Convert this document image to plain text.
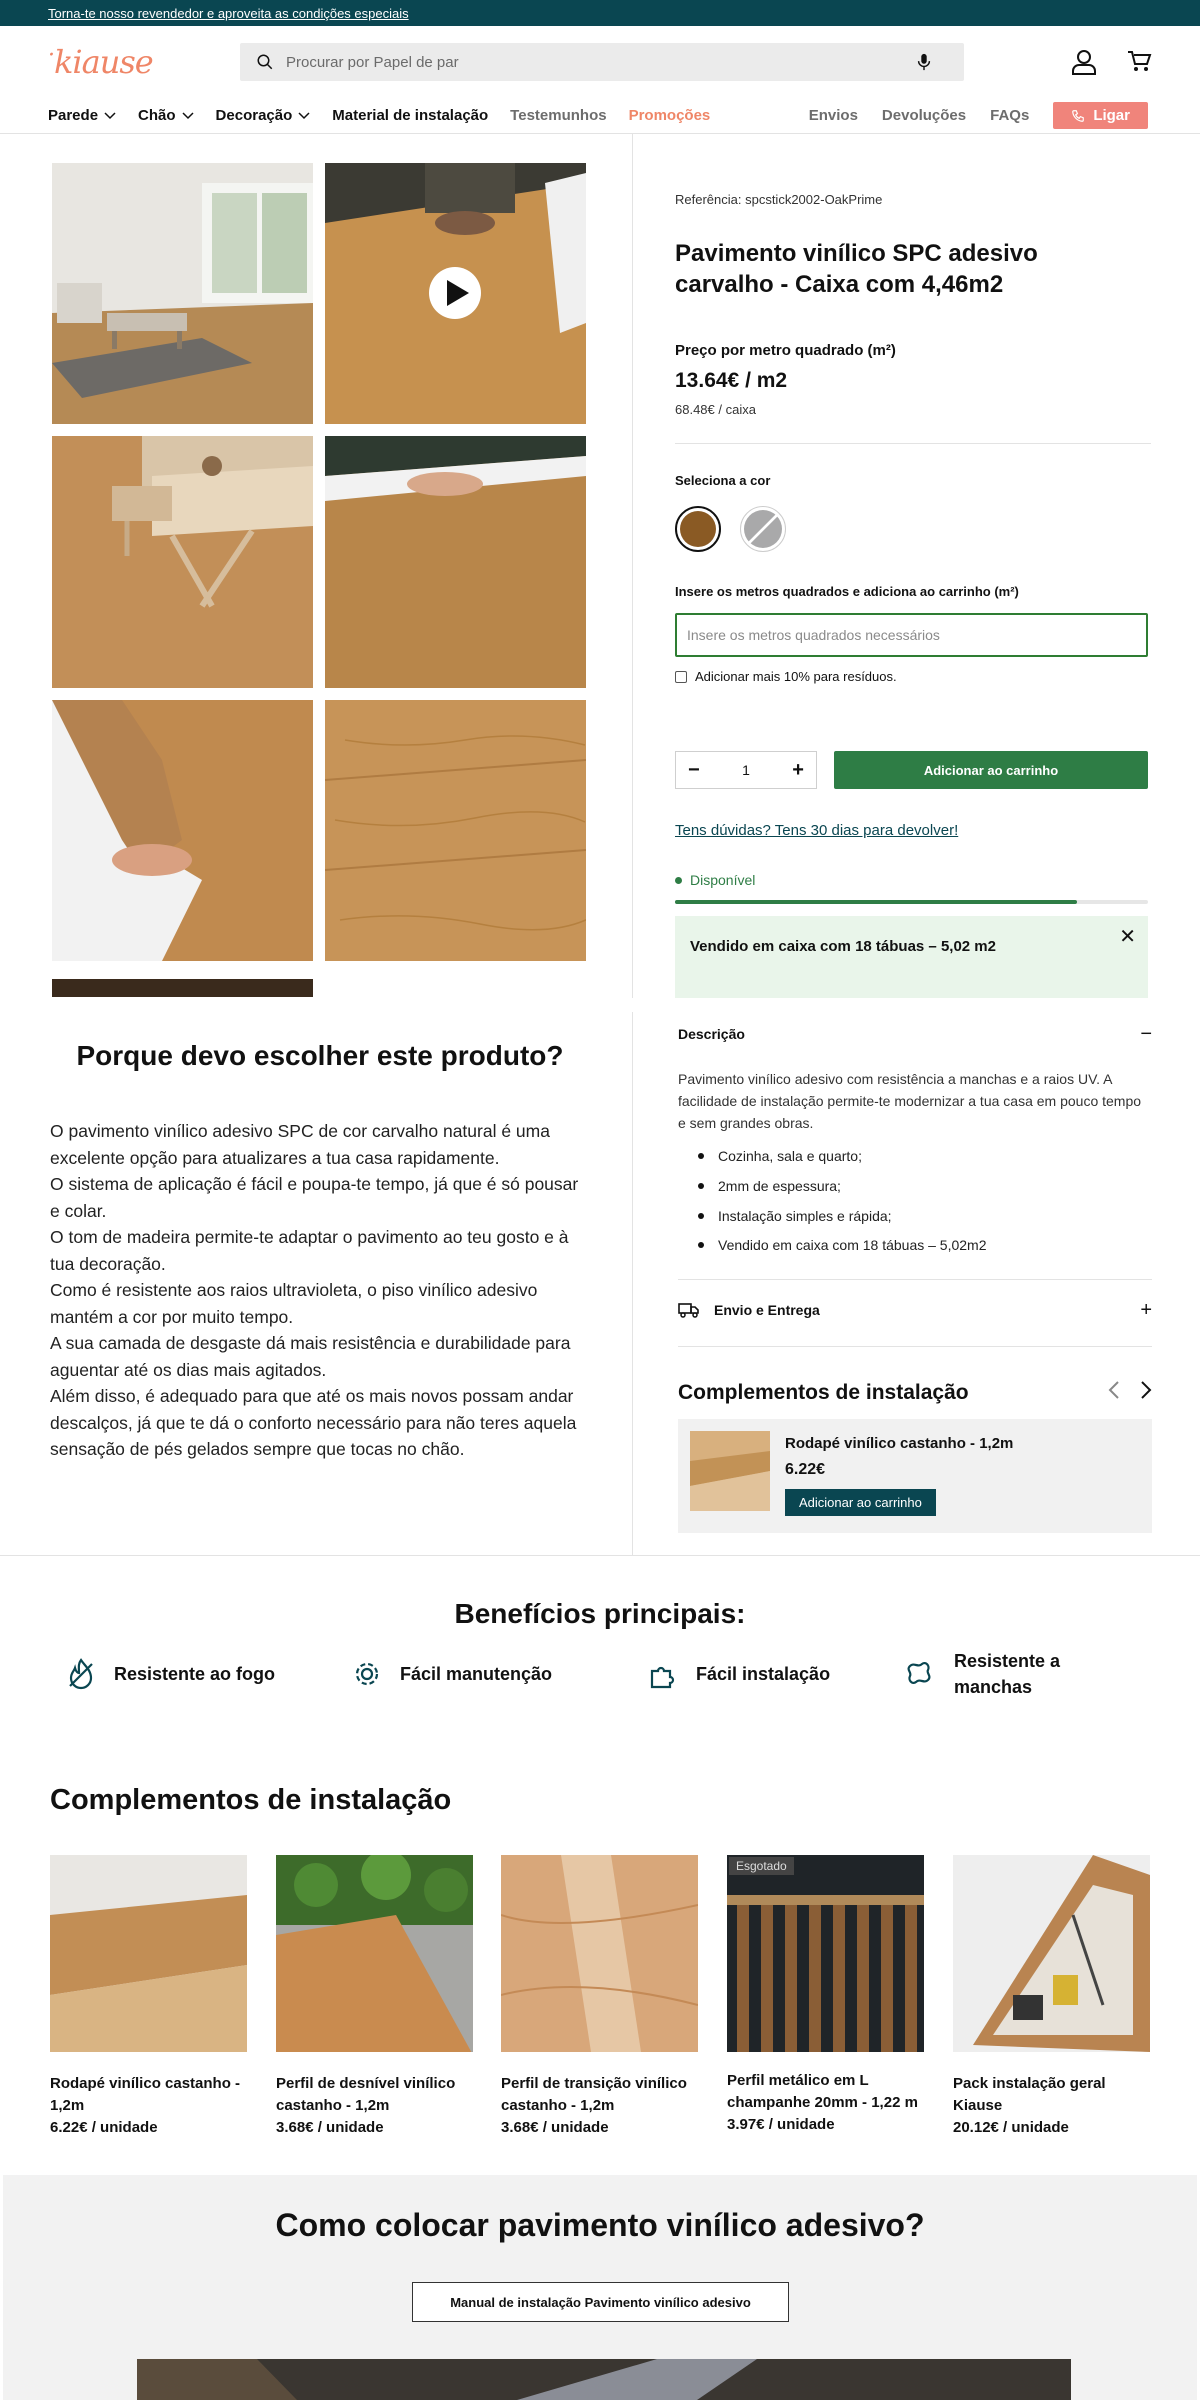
Torna-te nosso revendedor e aproveita as condições especiais
·kiause	Procurar por Papel de par
Parede	Chão	Decoração	Material de instalação Testemunhos Promoções	Envios Devoluções FAQs	Ligar
Referência: spcstick2002-OakPrime
Pavimento vinílico SPC adesivo carvalho - Caixa com 4,46m2
Preço por metro quadrado (m²)
13.64€ / m2
68.48€ / caixa
Seleciona a cor
Insere os metros quadrados e adiciona ao carrinho (m²)
Insere os metros quadrados necessários
Adicionar mais 10% para resíduos.
−	1 +	Adicionar ao carrinho
Tens dúvidas? Tens 30 dias para devolver!
Disponível
Vendido em caixa com 18 tábuas – 5,02 m2	✕
Porque devo escolher este produto?

O pavimento vinílico adesivo SPC de cor carvalho natural é uma excelente opção para atualizares a tua casa rapidamente.

O sistema de aplicação é fácil e poupa-te tempo, já que é só pousar e colar.

O tom de madeira permite-te adaptar o pavimento ao teu gosto e à tua decoração.

Como é resistente aos raios ultravioleta, o piso vinílico adesivo mantém a cor por muito tempo.

A sua camada de desgaste dá mais resistência e durabilidade para aguentar até os dias mais agitados.

Além disso, é adequado para que até os mais novos possam andar descalços, já que te dá o conforto necessário para não teres aquela sensação de pés gelados sempre que tocas no chão.

Descrição	−
Pavimento vinílico adesivo com resistência a manchas e a raios UV. A facilidade de instalação permite-te modernizar a tua casa em pouco tempo e sem grandes obras.
Cozinha, sala e quarto;
2mm de espessura;
Instalação simples e rápida;
Vendido em caixa com 18 tábuas – 5,02m2
Envio e Entrega	+
Complementos de instalação
Rodapé vinílico castanho - 1,2m
6.22€
Adicionar ao carrinho
Benefícios principais:
Resistente ao fogo	Fácil manutenção	Fácil instalação
Resistente a manchas
Complementos de instalação
Rodapé vinílico castanho - 1,2m
6.22€ / unidade
Perfil de desnível vinílico castanho - 1,2m
3.68€ / unidade
Perfil de transição vinílico castanho - 1,2m
3.68€ / unidade
Esgotado
Perfil metálico em L champanhe 20mm - 1,22 m
3.97€ / unidade
Pack instalação geral Kiause
20.12€ / unidade
Como colocar pavimento vinílico adesivo?
Manual de instalação Pavimento vinílico adesivo
